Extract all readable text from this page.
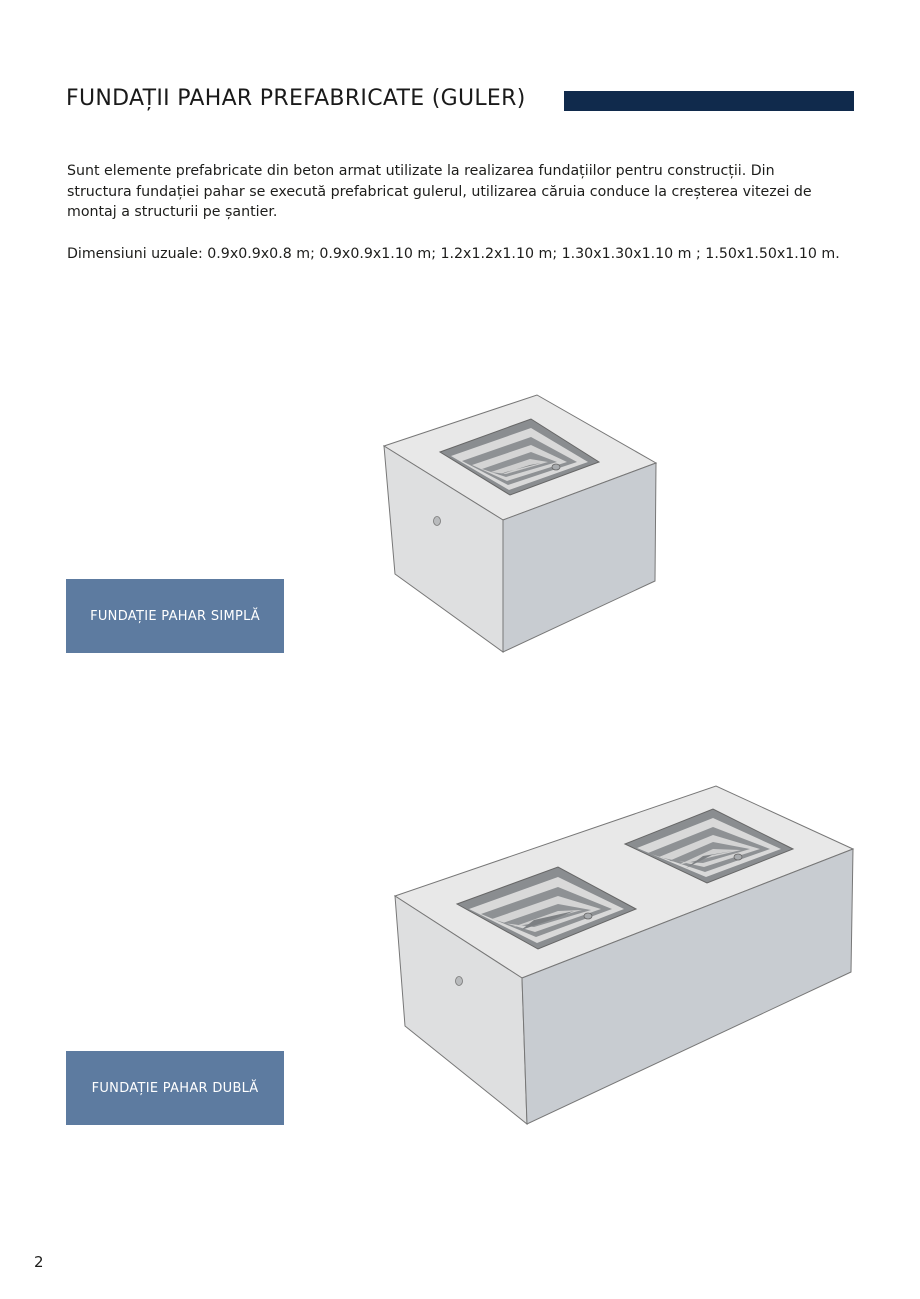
FUNDAȚII PAHAR PREFABRICATE (GULER)

Sunt elemente prefabricate din beton armat utilizate la realizarea fundațiilor pentru construcții. Din
structura fundației pahar se execută prefabricat gulerul, utilizarea căruia conduce la creșterea vitezei de
montaj a structurii pe șantier.

Dimensiuni uzuale: 0.9x0.9x0.8 m; 0.9x0.9x1.10 m; 1.2x1.2x1.10 m; 1.30x1.30x1.10 m ; 1.50x1.50x1.10 m.

FUNDAȚIE PAHAR SIMPLĂ
FUNDAȚIE PAHAR DUBLĂ

2
